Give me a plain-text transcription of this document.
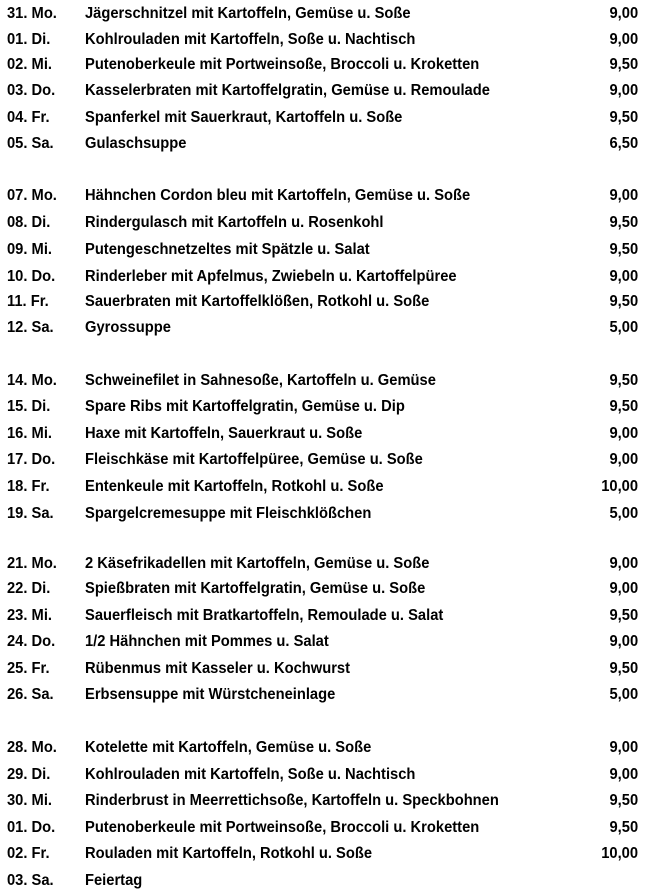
31. Mo. Jägerschnitzel mit Kartoffeln, Gemüse u. Soße	9,00
01. Di. Kohlrouladen mit Kartoffeln, Soße u. Nachtisch	9,00
02. Mi. Putenoberkeule mit Portweinsoße, Broccoli u. Kroketten	9,50
03. Do. Kasselerbraten mit Kartoffelgratin, Gemüse u. Remoulade	9,00
04. Fr. Spanferkel mit Sauerkraut, Kartoffeln u. Soße	9,50
05. Sa. Gulaschsuppe	6,50
07. Mo. Hähnchen Cordon bleu mit Kartoffeln, Gemüse u. Soße	9,00
08. Di. Rindergulasch mit Kartoffeln u. Rosenkohl	9,50
09. Mi. Putengeschnetzeltes mit Spätzle u. Salat	9,50
10. Do. Rinderleber mit Apfelmus, Zwiebeln u. Kartoffelpüree	9,00
11. Fr. Sauerbraten mit Kartoffelklößen, Rotkohl u. Soße	9,50
12. Sa. Gyrossuppe	5,00
14. Mo. Schweinefilet in Sahnesoße, Kartoffeln u. Gemüse	9,50
15. Di. Spare Ribs mit Kartoffelgratin, Gemüse u. Dip	9,50
16. Mi. Haxe mit Kartoffeln, Sauerkraut u. Soße	9,00
17. Do. Fleischkäse mit Kartoffelpüree, Gemüse u. Soße	9,00
18. Fr. Entenkeule mit Kartoffeln, Rotkohl u. Soße	10,00
19. Sa. Spargelcremesuppe mit Fleischklößchen	5,00
21. Mo. 2 Käsefrikadellen mit Kartoffeln, Gemüse u. Soße	9,00
22. Di. Spießbraten mit Kartoffelgratin, Gemüse u. Soße	9,00
23. Mi. Sauerfleisch mit Bratkartoffeln, Remoulade u. Salat	9,50
24. Do. 1/2 Hähnchen mit Pommes u. Salat	9,00
25. Fr. Rübenmus mit Kasseler u. Kochwurst	9,50
26. Sa. Erbsensuppe mit Würstcheneinlage	5,00
28. Mo. Kotelette mit Kartoffeln, Gemüse u. Soße	9,00
29. Di. Kohlrouladen mit Kartoffeln, Soße u. Nachtisch	9,00
30. Mi. Rinderbrust in Meerrettichsoße, Kartoffeln u. Speckbohnen	9,50
01. Do. Putenoberkeule mit Portweinsoße, Broccoli u. Kroketten	9,50
02. Fr. Rouladen mit Kartoffeln, Rotkohl u. Soße	10,00
03. Sa. Feiertag
